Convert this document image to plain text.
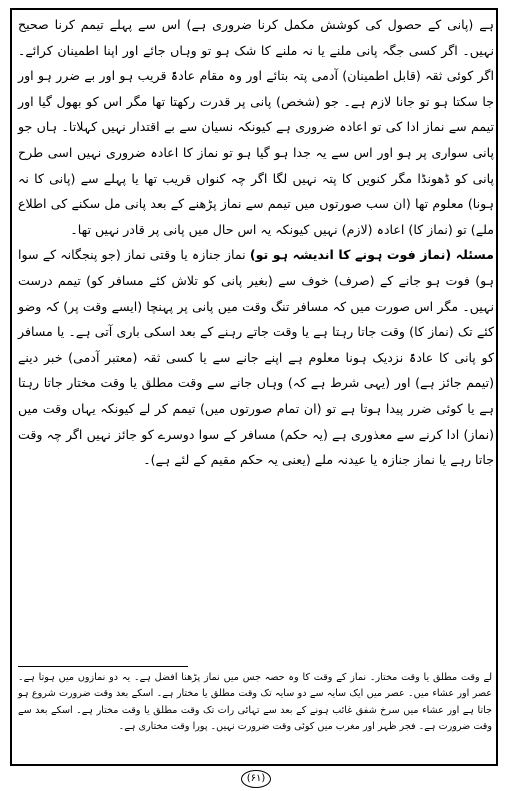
ہے (پانی کے حصول کی کوشش مکمل کرنا ضروری ہے) اس سے پہلے تیمم کرنا صحیح نہیں۔ اگر کسی جگہ پانی ملنے یا نہ ملنے کا شک ہو تو وہاں جائے اور اپنا اطمینان کرائے۔ اگر کوئی ثقہ (قابل اطمینان) آدمی پتہ بتائے اور وہ مقام عادۃً قریب ہو اور بے ضرر ہو اور جا سکتا ہو تو جانا لازم ہے۔ جو (شخص) پانی پر قدرت رکھتا تھا مگر اس کو بھول گیا اور تیمم سے نماز ادا کی تو اعادہ ضروری ہے کیونکہ نسیان سے بے اقتدار نہیں کہلاتا۔ ہاں جو پانی سواری پر ہو اور اس سے یہ جدا ہو گیا ہو تو نماز کا اعادہ ضروری نہیں اسی طرح پانی کو ڈھونڈا مگر کنویں کا پتہ نہیں لگا اگر چہ کنواں قریب تھا یا پہلے سے (پانی کا نہ ہونا) معلوم تھا (ان سب صورتوں میں تیمم سے نماز پڑھنے کے بعد پانی مل سکنے کی اطلاع ملے) تو (نماز کا) اعادہ (لازم) نہیں کیونکہ یہ اس حال میں پانی پر قادر نہیں تھا۔

مسئلہ (نماز فوت ہونے کا اندیشہ ہو تو) نماز جنازہ یا وقتی نماز (جو پنجگانہ کے سوا ہو) فوت ہو جانے کے (صرف) خوف سے (بغیر پانی کو تلاش کئے مسافر کو) تیمم درست نہیں۔ مگر اس صورت میں کہ مسافر تنگ وقت میں پانی پر پہنچا (ایسے وقت پر) کہ وضو کئے تک (نماز کا) وقت جاتا رہتا ہے یا وقت جاتے رہنے کے بعد اسکی باری آتی ہے۔ یا مسافر کو پانی کا عادۃً نزدیک ہونا معلوم ہے اپنے جانے سے یا کسی ثقہ (معتبر آدمی) خبر دینے (تیمم جائز ہے) اور (یہی شرط ہے کہ) وہاں جانے سے وقت مطلق یا وقت مختار جاتا رہتا ہے یا کوئی ضرر پیدا ہوتا ہے تو (ان تمام صورتوں میں) تیمم کر لے کیونکہ یہاں وقت میں (نماز) ادا کرنے سے معذوری ہے (یہ حکم) مسافر کے سوا دوسرے کو جائز نہیں اگر چہ وقت جاتا رہے یا نماز جنازہ یا عیدنہ ملے (یعنی یہ حکم مقیم کے لئے ہے)۔

لے وقت مطلق یا وقت مختار۔ نماز کے وقت کا وہ حصہ جس میں نماز پڑھنا افضل ہے۔ یہ دو نمازوں میں ہوتا ہے۔ عصر اور عشاء میں۔ عصر میں ایک سایہ سے دو سایہ تک وقت مطلق یا مختار ہے۔ اسکے بعد وقت ضرورت شروع ہو جاتا ہے اور عشاء میں سرخ شفق غائب ہونے کے بعد سے تہائی رات تک وقت مطلق یا وقت مختار ہے۔ اسکے بعد سے وقت ضرورت ہے۔ فجر ظہر اور مغرب میں کوئی وقت ضرورت نہیں۔ پورا وقت مختاری ہے۔

(۶۱)
